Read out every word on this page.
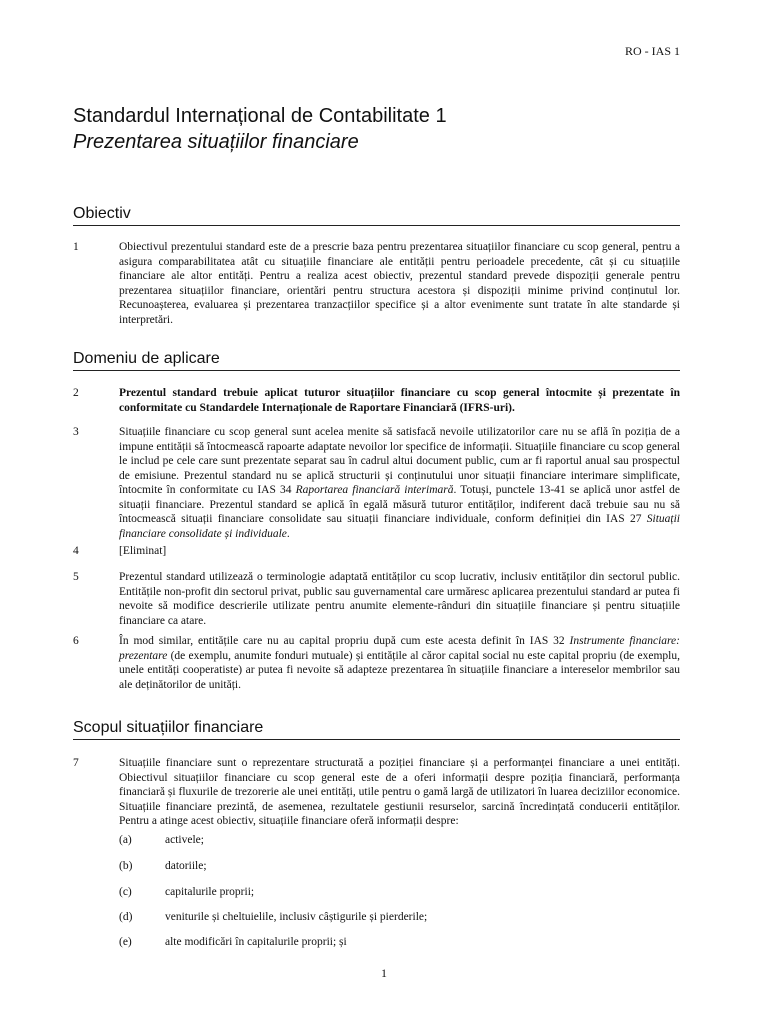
RO - IAS 1
Standardul Internațional de Contabilitate 1
Prezentarea situațiilor financiare
Obiectiv
1	Obiectivul prezentului standard este de a prescrie baza pentru prezentarea situațiilor financiare cu scop general, pentru a asigura comparabilitatea atât cu situațiile financiare ale entității pentru perioadele precedente, cât și cu situațiile financiare ale altor entități. Pentru a realiza acest obiectiv, prezentul standard prevede dispoziții generale pentru prezentarea situațiilor financiare, orientări pentru structura acestora și dispoziții minime privind conținutul lor. Recunoașterea, evaluarea și prezentarea tranzacțiilor specifice și a altor evenimente sunt tratate în alte standarde și interpretări.

Domeniu de aplicare
2	Prezentul standard trebuie aplicat tuturor situațiilor financiare cu scop general întocmite și prezentate în conformitate cu Standardele Internaționale de Raportare Financiară (IFRS-uri).

3	Situațiile financiare cu scop general sunt acelea menite să satisfacă nevoile utilizatorilor care nu se află în poziția de a impune entității să întocmească rapoarte adaptate nevoilor lor specifice de informații. Situațiile financiare cu scop general le includ pe cele care sunt prezentate separat sau în cadrul altui document public, cum ar fi raportul anual sau prospectul de emisiune. Prezentul standard nu se aplică structurii și conținutului unor situații financiare interimare simplificate, întocmite în conformitate cu IAS 34 Raportarea financiară interimară. Totuși, punctele 13-41 se aplică unor astfel de situații financiare. Prezentul standard se aplică în egală măsură tuturor entităților, indiferent dacă trebuie sau nu să întocmească situații financiare consolidate sau situații financiare individuale, conform definiției din IAS 27 Situații financiare consolidate și individuale.

4	[Eliminat]

5	Prezentul standard utilizează o terminologie adaptată entităților cu scop lucrativ, inclusiv entităților din sectorul public. Entitățile non-profit din sectorul privat, public sau guvernamental care urmăresc aplicarea prezentului standard ar putea fi nevoite să modifice descrierile utilizate pentru anumite elemente-rânduri din situațiile financiare și pentru situațiile financiare ca atare.

6	În mod similar, entitățile care nu au capital propriu după cum este acesta definit în IAS 32 Instrumente financiare: prezentare (de exemplu, anumite fonduri mutuale) și entitățile al căror capital social nu este capital propriu (de exemplu, unele entități cooperatiste) ar putea fi nevoite să adapteze prezentarea în situațiile financiare a intereselor membrilor sau ale deținătorilor de unități.

Scopul situațiilor financiare
7	Situațiile financiare sunt o reprezentare structurată a poziției financiare și a performanței financiare a unei entități. Obiectivul situațiilor financiare cu scop general este de a oferi informații despre poziția financiară, performanța financiară și fluxurile de trezorerie ale unei entități, utile pentru o gamă largă de utilizatori în luarea deciziilor economice. Situațiile financiare prezintă, de asemenea, rezultatele gestiunii resurselor, sarcină încredințată conducerii entităților. Pentru a atinge acest obiectiv, situațiile financiare oferă informații despre:

(a)	activele;
(b)	datoriile;
(c)	capitalurile proprii;
(d)	veniturile și cheltuielile, inclusiv câștigurile și pierderile;
(e)	alte modificări în capitalurile proprii; și
1
